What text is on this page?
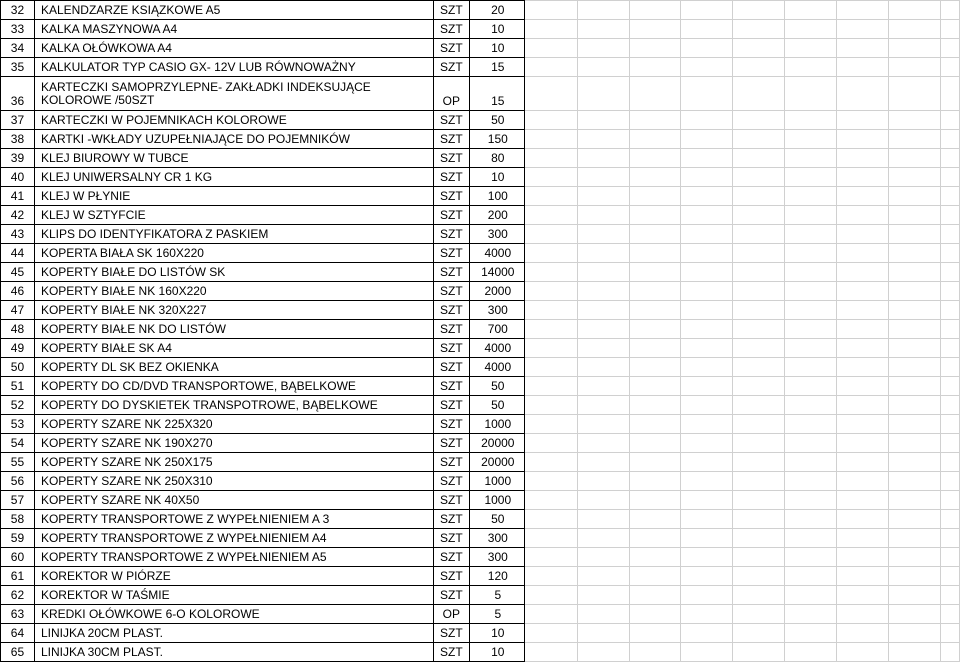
32	KALENDZARZE KSIĄZKOWE A5	SZT	20									
33	KALKA MASZYNOWA A4	SZT	10									
34	KALKA OŁÓWKOWA A4	SZT	10									
35	KALKULATOR TYP CASIO GX- 12V LUB RÓWNOWAŻNY	SZT	15									
36	KARTECZKI SAMOPRZYLEPNE- ZAKŁADKI INDEKSUJĄCE
KOLOROWE /50SZT	OP	15									
37	KARTECZKI W POJEMNIKACH KOLOROWE	SZT	50									
38	KARTKI -WKŁADY UZUPEŁNIAJĄCE DO POJEMNIKÓW	SZT	150									
39	KLEJ BIUROWY W TUBCE	SZT	80									
40	KLEJ UNIWERSALNY CR 1 KG	SZT	10									
41	KLEJ W PŁYNIE	SZT	100									
42	KLEJ W SZTYFCIE	SZT	200									
43	KLIPS DO IDENTYFIKATORA Z PASKIEM	SZT	300									
44	KOPERTA BIAŁA SK 160X220	SZT	4000									
45	KOPERTY BIAŁE DO LISTÓW SK	SZT	14000									
46	KOPERTY BIAŁE NK 160X220	SZT	2000									
47	KOPERTY BIAŁE NK 320X227	SZT	300									
48	KOPERTY BIAŁE NK DO LISTÓW	SZT	700									
49	KOPERTY BIAŁE SK A4	SZT	4000									
50	KOPERTY DL SK BEZ OKIENKA	SZT	4000									
51	KOPERTY DO CD/DVD TRANSPORTOWE, BĄBELKOWE	SZT	50									
52	KOPERTY DO DYSKIETEK TRANSPOTROWE, BĄBELKOWE	SZT	50									
53	KOPERTY SZARE NK 225X320	SZT	1000									
54	KOPERTY SZARE NK 190X270	SZT	20000									
55	KOPERTY SZARE NK 250X175	SZT	20000									
56	KOPERTY SZARE NK 250X310	SZT	1000									
57	KOPERTY SZARE NK 40X50	SZT	1000									
58	KOPERTY TRANSPORTOWE Z WYPEŁNIENIEM A 3	SZT	50									
59	KOPERTY TRANSPORTOWE Z WYPEŁNIENIEM A4	SZT	300									
60	KOPERTY TRANSPORTOWE Z WYPEŁNIENIEM A5	SZT	300									
61	KOREKTOR W PIÓRZE	SZT	120									
62	KOREKTOR W TAŚMIE	SZT	5									
63	KREDKI OŁÓWKOWE 6-O KOLOROWE	OP	5									
64	LINIJKA 20CM PLAST.	SZT	10									
65	LINIJKA 30CM PLAST.	SZT	10									
